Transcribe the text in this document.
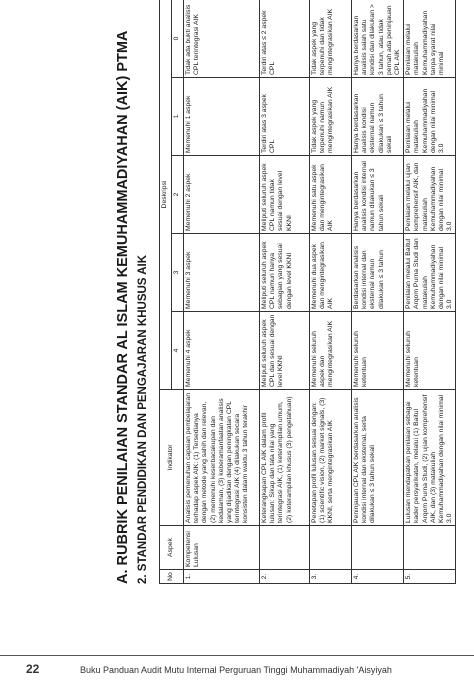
A. RUBRIK PENILAIAN STANDAR AL ISLAM KEMUHAMMADIYAHAN (AIK) PTMA 2. STANDAR PENDIDIKAN DAN PENGAJARAN KHUSUS AIK	No	Aspek	Indikator	Deskripsi				
			4	3	2	1	0
1.	Kompetensi Lulusan	Analisis pemenuhan capaian pembelajaran terhadap aspek AIK: (1) Tersedianya dengan metode yang sahih dan relevan, (2) memenuhi keserbacakupan dan kedalaman, (3) keberamanfaatan analisis yang dijadikan dengan peningkatan CPL terintegrasi AIK (4) dilakukan secara konsisten dalam waktu 3 tahun terakhir	Memenuhi 4 aspek	Memenuhi 3 aspek	Memenuhi 2 aspek	Memenuhi 1 aspek	Tidak ada bukti analisis CPL terintegrasi AIK
2.		Keterangkapan CPL AIK dalam profil lulusan: Sikap dan tata nilai yang terintegrasi AIK, (1) keterampilan umum, (2) keterampilan khusus (3) pengetahuan)	Meliputi seluruh aspek CPL dan sesuai dengan level KKNI	Meliputi seluruh aspek CPL namun hanya sebagian yang sesuai dengan level KKNI	Meliputi seluruh aspek CPL namun tidak sesuai dengan level KKNI	Terdiri atas 3 aspek CPL	Terdiri atas ≤ 2 aspek CPL
3.		Penetapan profil lulusan sesuai dengan: (1) scientific vision, (2) market signals, (3) KKNI, serta mengintegrasikan AIK	Memenuhi seluruh aspek dan mengintegrasikan AIK	Memenuhi dua aspek dan mengintegrasikan AIK	Memenuhi satu aspek dan mengintegrasikan AIK	Tidak aspek yang terpenuhi namun mengintegrasikan AIK	Tidak aspek yang terpenuhi dan tidak mengintegrasikan AIK
4.		Peninjauan CPL AIK berdasarkan analisis kondisi internal dan eksternal, serta dilakukan ≤ 3 tahun sekali	Memenuhi seluruh ketentuan	Berdasarkan analisis kondisi internal dan eksternal namun dilakukan ≤ 3 tahun	Hanya berdasarkan analisis kondisi internal namun dilakukan ≤ 3 tahun sekali	Hanya berdasarkan analisis kondisi eksternal namun dilakukan ≤ 3 tahun sekali	Hanya berdasarkan analisis salah satu kondisi dan dilakukan > 3 tahun, atau tidak pernah ada peninjauan CPL AIK
5.		Lulusan mendapatkan penilaian sebagai kader persyarikatan, melalui (1) Baitul Arqom Purna Studi, (2) ujian komprehensif AIK, dan (3) matakuliah Kemuhammadiyahan dengan nilai minimal 3.0	Memenuhi seluruh ketentuan	Penilaian melalui Baitul Arqom Purna Studi dan matakuliah Kemuhammadiyahan dengan nilai minimal 3.0	Penilaian melalui ujian komprehensif AIK, dan matakuliah Kemuhammadiyahan dengan nilai minimal 3.0	Penilaian melalui matakuliah Kemuhammadiyahan dengan nilai minimal 3.0	Penilaian melalui matakuliah Kemuhammadiyahan tanpa syarat nilai minimal
22	Buku Panduan Audit Mutu Internal Perguruan Tinggi Muhammadiyah 'Aisyiyah
